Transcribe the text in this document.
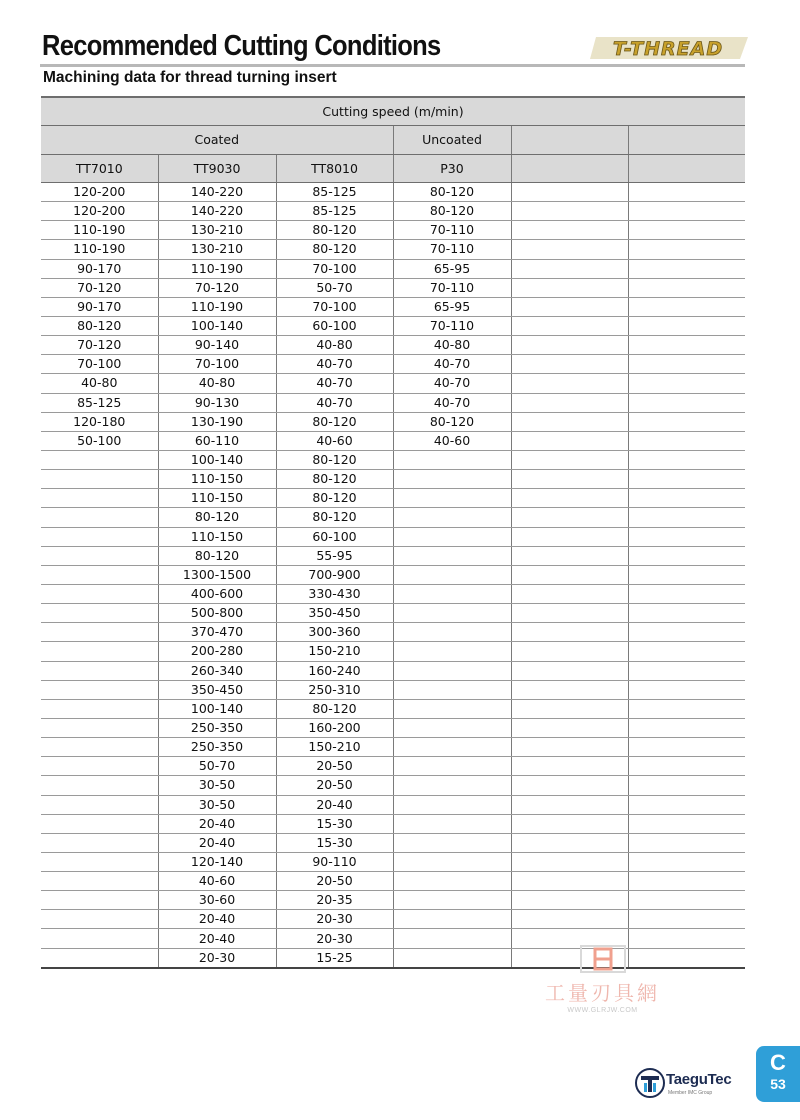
Recommended Cutting Conditions
Machining data for thread turning insert
T-THREAD
Cutting speed (m/min)					
Coated			Uncoated		
TT7010	TT9030	TT8010	P30		
120-200	140-220	85-125	80-120		
120-200	140-220	85-125	80-120		
110-190	130-210	80-120	70-110		
110-190	130-210	80-120	70-110		
90-170	110-190	70-100	65-95		
70-120	70-120	50-70	70-110		
90-170	110-190	70-100	65-95		
80-120	100-140	60-100	70-110		
70-120	90-140	40-80	40-80		
70-100	70-100	40-70	40-70		
40-80	40-80	40-70	40-70		
85-125	90-130	40-70	40-70		
120-180	130-190	80-120	80-120		
50-100	60-110	40-60	40-60		
	100-140	80-120			
	110-150	80-120			
	110-150	80-120			
	80-120	80-120			
	110-150	60-100			
	80-120	55-95			
	1300-1500	700-900			
	400-600	330-430			
	500-800	350-450			
	370-470	300-360			
	200-280	150-210			
	260-340	160-240			
	350-450	250-310			
	100-140	80-120			
	250-350	160-200			
	250-350	150-210			
	50-70	20-50			
	30-50	20-50			
	30-50	20-40			
	20-40	15-30			
	20-40	15-30			
	120-140	90-110			
	40-60	20-50			
	30-60	20-35			
	20-40	20-30			
	20-40	20-30			
	20-30	15-25			
工量刃具網
WWW.GLRJW.COM
TaeguTec
Member IMC Group
C
53
